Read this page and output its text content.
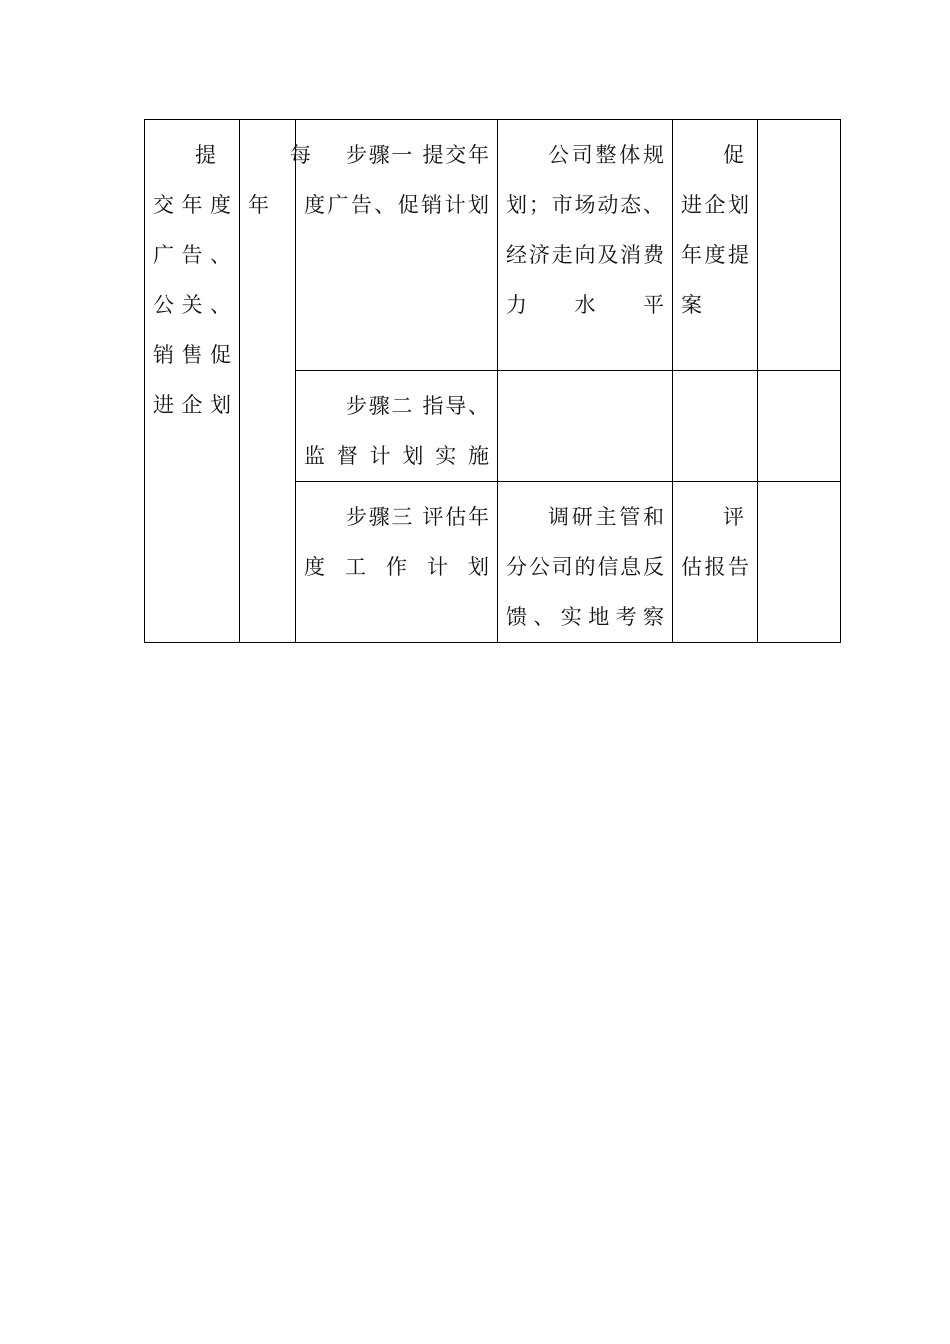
提交年度广告、公关、销售促进企划	每年	步骤一 提交年度广告、促销计划	公司整体规划；市场动态、经济走向及消费力水平	促进企划年度提案	
		步骤二 指导、监督计划实施			
		步骤三 评估年度工作计划	调研主管和分公司的信息反馈、实地考察	评估报告	
